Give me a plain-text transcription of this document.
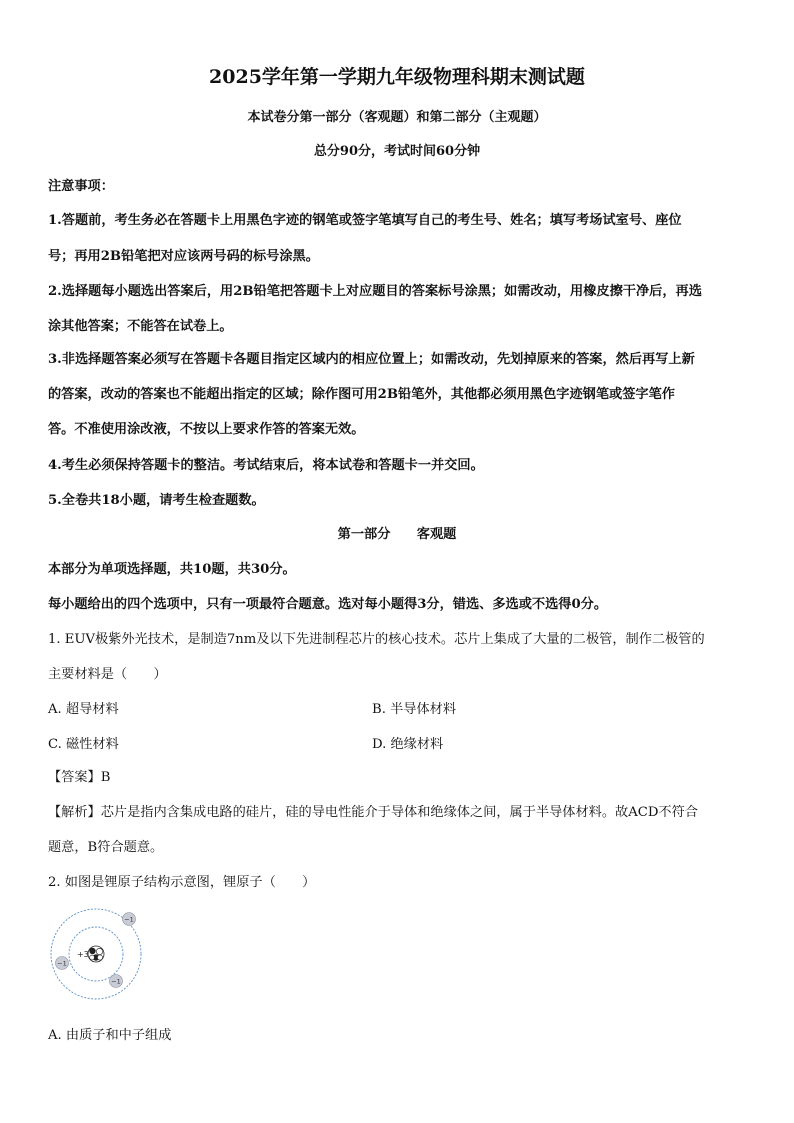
2025学年第一学期九年级物理科期末测试题
本试卷分第一部分（客观题）和第二部分（主观题）
总分90分，考试时间60分钟
注意事项：
1.答题前，考生务必在答题卡上用黑色字迹的钢笔或签字笔填写自己的考生号、姓名；填写考场试室号、座位
号；再用2B铅笔把对应该两号码的标号涂黑。
2.选择题每小题选出答案后，用2B铅笔把答题卡上对应题目的答案标号涂黑；如需改动，用橡皮擦干净后，再选
涂其他答案；不能答在试卷上。
3.非选择题答案必须写在答题卡各题目指定区域内的相应位置上；如需改动，先划掉原来的答案，然后再写上新
的答案，改动的答案也不能超出指定的区域；除作图可用2B铅笔外，其他都必须用黑色字迹钢笔或签字笔作
答。不准使用涂改液，不按以上要求作答的答案无效。
4.考生必须保持答题卡的整洁。考试结束后，将本试卷和答题卡一并交回。
5.全卷共18小题，请考生检查题数。
第一部分　　客观题
本部分为单项选择题，共10题，共30分。
每小题给出的四个选项中，只有一项最符合题意。选对每小题得3分，错选、多选或不选得0分。
1. EUV极紫外光技术，是制造7nm及以下先进制程芯片的核心技术。芯片上集成了大量的二极管，制作二极管的
主要材料是（　　）
A. 超导材料	B. 半导体材料
C. 磁性材料	D. 绝缘材料
【答案】B
【解析】芯片是指内含集成电路的硅片，硅的导电性能介于导体和绝缘体之间，属于半导体材料。故ACD不符合
题意，B符合题意。
2. 如图是锂原子结构示意图，锂原子（　　）
+3
−1
−1
−1
A. 由质子和中子组成
